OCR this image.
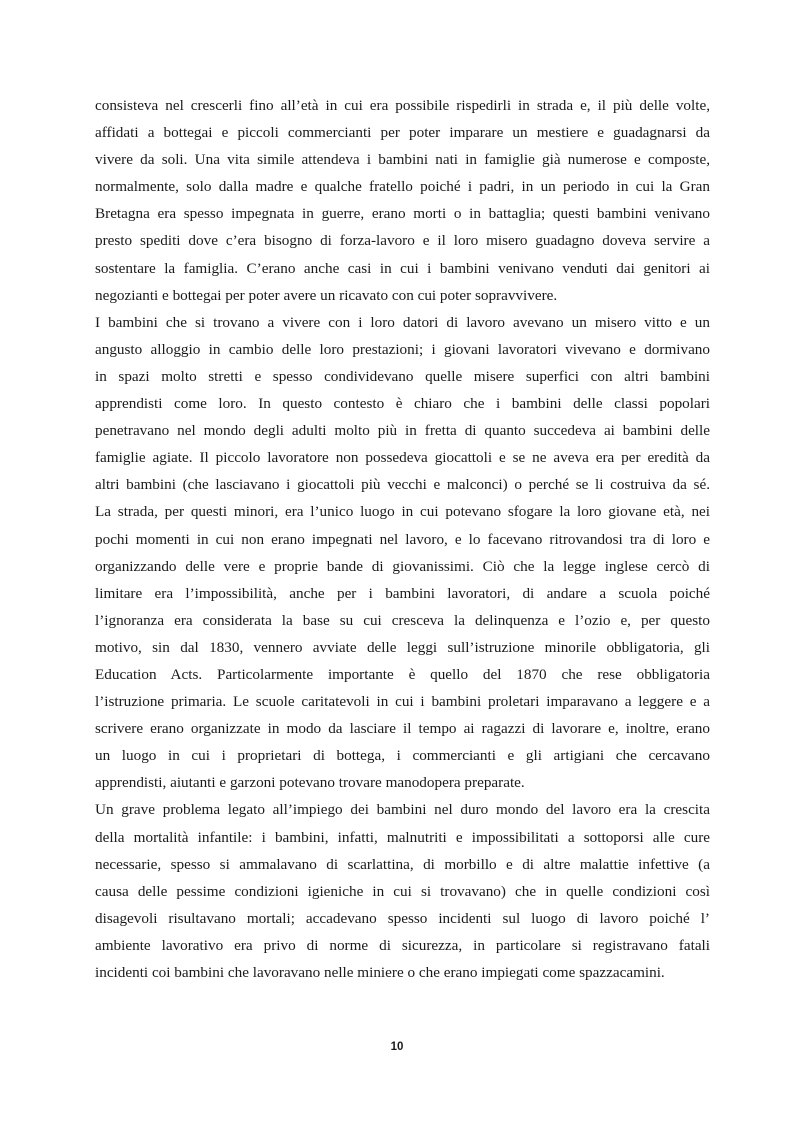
consisteva nel crescerli fino all’età in cui era possibile rispedirli in strada e, il più delle volte,
affidati a bottegai e piccoli commercianti per poter imparare un mestiere e guadagnarsi da
vivere da soli. Una vita simile attendeva i bambini nati in famiglie già numerose e composte,
normalmente, solo dalla madre e qualche fratello poiché i padri, in un periodo in cui la Gran
Bretagna era spesso impegnata in guerre, erano morti o in battaglia; questi bambini venivano
presto spediti dove c’era bisogno di forza-lavoro e il loro misero guadagno doveva servire a
sostentare la famiglia. C’erano anche casi in cui i bambini venivano venduti dai genitori ai
negozianti e bottegai per poter avere un ricavato con cui poter sopravvivere.
I bambini che si trovano a vivere con i loro datori di lavoro avevano un misero vitto e un
angusto alloggio in cambio delle loro prestazioni; i giovani lavoratori vivevano e dormivano
in spazi molto stretti e spesso condividevano quelle misere superfici con altri bambini
apprendisti come loro. In questo contesto è chiaro che i bambini delle classi popolari
penetravano nel mondo degli adulti molto più in fretta di quanto succedeva ai bambini delle
famiglie agiate. Il piccolo lavoratore non possedeva giocattoli e se ne aveva era per eredità da
altri bambini (che lasciavano i giocattoli più vecchi e malconci) o perché se li costruiva da sé.
La strada, per questi minori, era l’unico luogo in cui potevano sfogare la loro giovane età, nei
pochi momenti in cui non erano impegnati nel lavoro, e lo facevano ritrovandosi tra di loro e
organizzando delle vere e proprie bande di giovanissimi. Ciò che la legge inglese cercò di
limitare era l’impossibilità, anche per i bambini lavoratori, di andare a scuola poiché
l’ignoranza era considerata la base su cui cresceva la delinquenza e l’ozio e, per questo
motivo, sin dal 1830, vennero avviate delle leggi sull’istruzione minorile obbligatoria, gli
Education Acts. Particolarmente importante è quello del 1870 che rese obbligatoria
l’istruzione primaria. Le scuole caritatevoli in cui i bambini proletari imparavano a leggere e a
scrivere erano organizzate in modo da lasciare il tempo ai ragazzi di lavorare e, inoltre, erano
un luogo in cui i proprietari di bottega, i commercianti e gli artigiani che cercavano
apprendisti, aiutanti e garzoni potevano trovare manodopera preparate.
Un grave problema legato all’impiego dei bambini nel duro mondo del lavoro era la crescita
della mortalità infantile: i bambini, infatti, malnutriti e impossibilitati a sottoporsi alle cure
necessarie, spesso si ammalavano di scarlattina, di morbillo e di altre malattie infettive (a
causa delle pessime condizioni igieniche in cui si trovavano) che in quelle condizioni così
disagevoli risultavano mortali; accadevano spesso incidenti sul luogo di lavoro poiché l’
ambiente lavorativo era privo di norme di sicurezza, in particolare si registravano fatali
incidenti coi bambini che lavoravano nelle miniere o che erano impiegati come spazzacamini.
10
